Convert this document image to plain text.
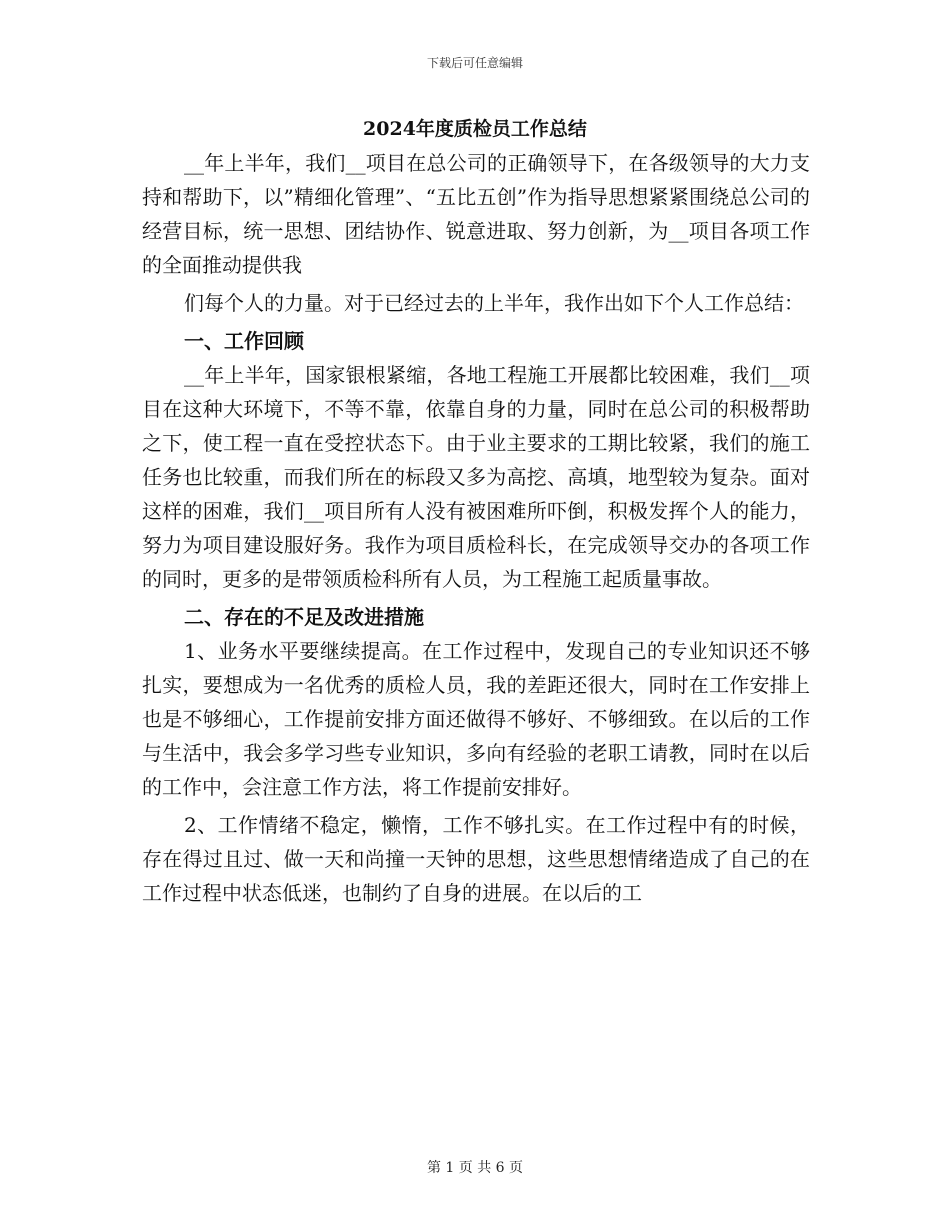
下载后可任意编辑
2024年度质检员工作总结

__年上半年，我们__项目在总公司的正确领导下，在各级领导的大力支持和帮助下，以”精细化管理”、“五比五创”作为指导思想紧紧围绕总公司的经营目标，统一思想、团结协作、锐意进取、努力创新，为__项目各项工作的全面推动提供我

们每个人的力量。对于已经过去的上半年，我作出如下个人工作总结：

一、工作回顾

__年上半年，国家银根紧缩，各地工程施工开展都比较困难，我们__项目在这种大环境下，不等不靠，依靠自身的力量，同时在总公司的积极帮助之下，使工程一直在受控状态下。由于业主要求的工期比较紧，我们的施工任务也比较重，而我们所在的标段又多为高挖、高填，地型较为复杂。面对这样的困难，我们__项目所有人没有被困难所吓倒，积极发挥个人的能力，努力为项目建设服好务。我作为项目质检科长，在完成领导交办的各项工作的同时，更多的是带领质检科所有人员，为工程施工起质量事故。

二、存在的不足及改进措施

1、业务水平要继续提高。在工作过程中，发现自己的专业知识还不够扎实，要想成为一名优秀的质检人员，我的差距还很大，同时在工作安排上也是不够细心，工作提前安排方面还做得不够好、不够细致。在以后的工作与生活中，我会多学习些专业知识，多向有经验的老职工请教，同时在以后的工作中，会注意工作方法，将工作提前安排好。

2、工作情绪不稳定，懒惰，工作不够扎实。在工作过程中有的时候，存在得过且过、做一天和尚撞一天钟的思想，这些思想情绪造成了自己的在工作过程中状态低迷，也制约了自身的进展。在以后的工

第 1 页 共 6 页
